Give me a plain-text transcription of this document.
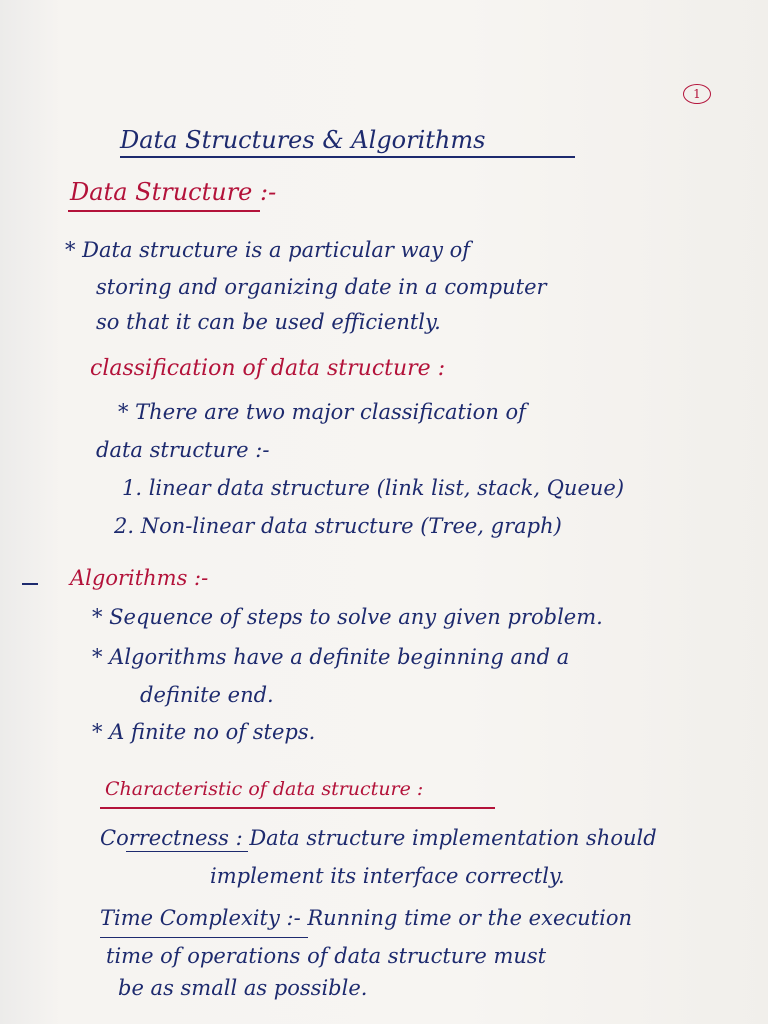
1
Data Structures & Algorithms
Data Structure :-
* Data structure is a particular way of
storing and organizing date in a computer
so that it can be used efficiently.
classification of data structure :
* There are two major classification of
data structure :-
1. linear data structure (link list, stack, Queue)
2. Non-linear data structure (Tree, graph)
Algorithms :-
* Sequence of steps to solve any given problem.
* Algorithms have a definite beginning and a
definite end.
* A finite no of steps.
Characteristic of data structure :
Correctness : Data structure implementation should
implement its interface correctly.
Time Complexity :- Running time or the execution
time of operations of data structure must
be as small as possible.
